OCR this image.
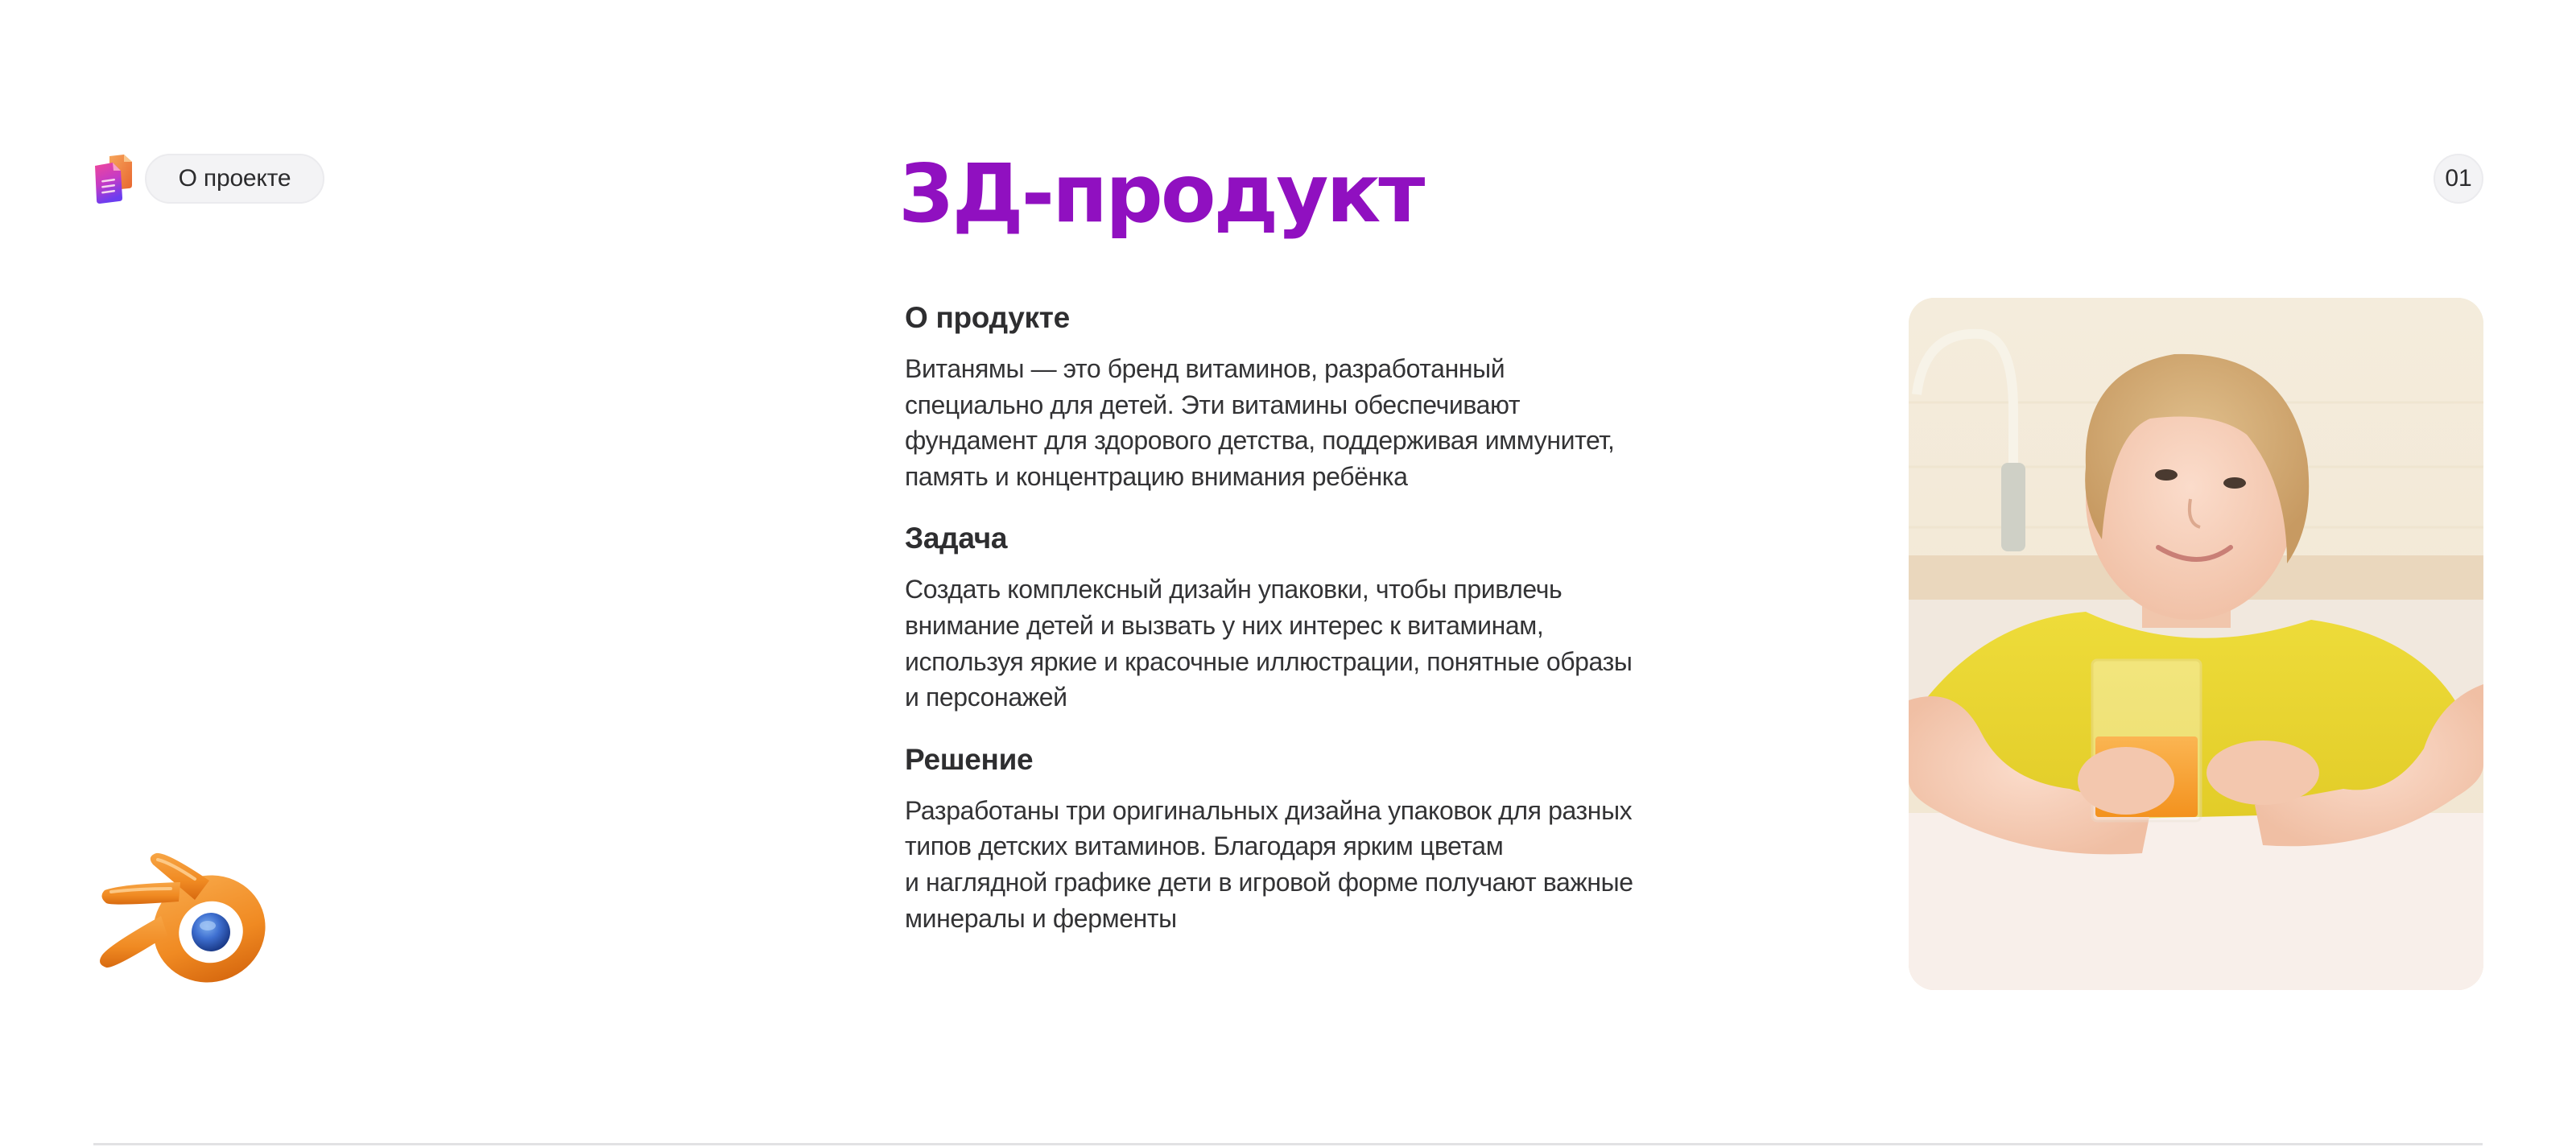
О проекте	01
3Д-продукт
О продукте

Витанямы — это бренд витаминов, разработанный
специально для детей. Эти витамины обеспечивают
фундамент для здорового детства, поддерживая иммунитет,
память и концентрацию внимания ребёнка

Задача

Создать комплексный дизайн упаковки, чтобы привлечь
внимание детей и вызвать у них интерес к витаминам,
используя яркие и красочные иллюстрации, понятные образы
и персонажей

Решение

Разработаны три оригинальных дизайна упаковок для разных
типов детских витаминов. Благодаря ярким цветам
и наглядной графике дети в игровой форме получают важные
минералы и ферменты
